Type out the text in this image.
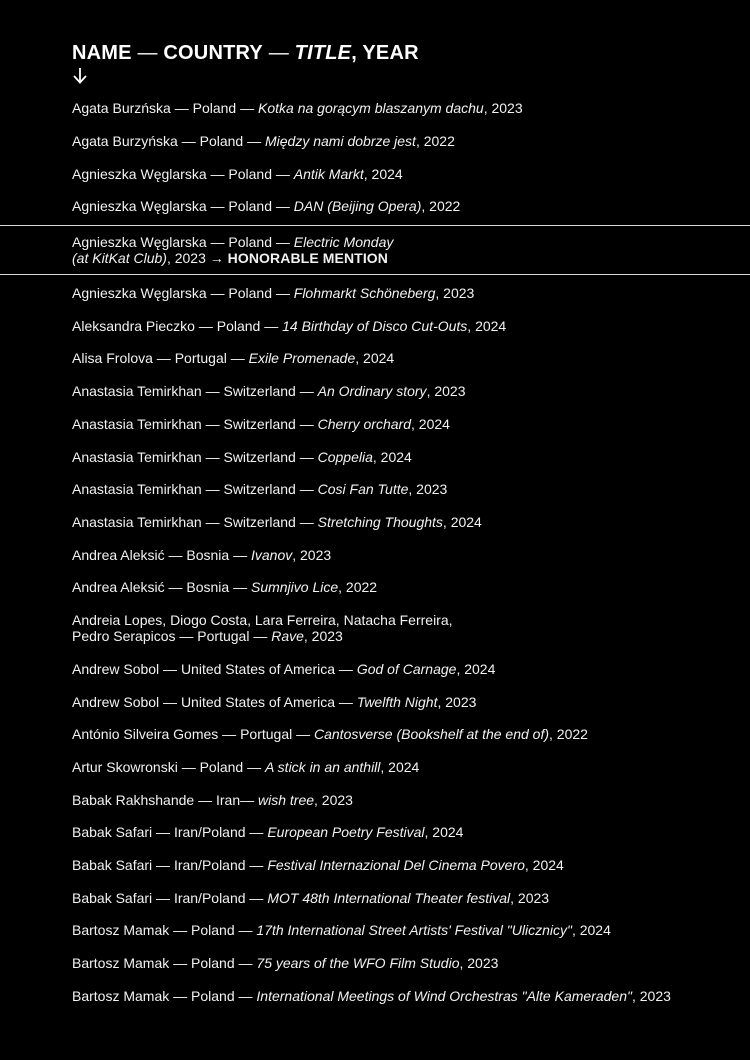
NAME — COUNTRY — TITLE, YEAR
Agata Burzńska — Poland — Kotka na gorącym blaszanym dachu, 2023
Agata Burzyńska — Poland — Między nami dobrze jest, 2022
Agnieszka Węglarska — Poland — Antik Markt, 2024
Agnieszka Węglarska — Poland — DAN (Beijing Opera), 2022
Agnieszka Węglarska — Poland — Electric Monday
(at KitKat Club), 2023 → HONORABLE MENTION
Agnieszka Węglarska — Poland — Flohmarkt Schöneberg, 2023
Aleksandra Pieczko — Poland — 14 Birthday of Disco Cut-Outs, 2024
Alisa Frolova — Portugal — Exile Promenade, 2024
Anastasia Temirkhan — Switzerland — An Ordinary story, 2023
Anastasia Temirkhan — Switzerland — Cherry orchard, 2024
Anastasia Temirkhan — Switzerland — Coppelia, 2024
Anastasia Temirkhan — Switzerland — Cosi Fan Tutte, 2023
Anastasia Temirkhan — Switzerland — Stretching Thoughts, 2024
Andrea Aleksić — Bosnia — Ivanov, 2023
Andrea Aleksić — Bosnia — Sumnjivo Lice, 2022
Andreia Lopes, Diogo Costa, Lara Ferreira, Natacha Ferreira,
Pedro Serapicos — Portugal — Rave, 2023
Andrew Sobol — United States of America — God of Carnage, 2024
Andrew Sobol — United States of America — Twelfth Night, 2023
António Silveira Gomes — Portugal — Cantosverse (Bookshelf at the end of), 2022
Artur Skowronski — Poland — A stick in an anthill, 2024
Babak Rakhshande — Iran— wish tree, 2023
Babak Safari — Iran/Poland — European Poetry Festival, 2024
Babak Safari — Iran/Poland — Festival Internazional Del Cinema Povero, 2024
Babak Safari — Iran/Poland — MOT 48th International Theater festival, 2023
Bartosz Mamak — Poland — 17th International Street Artists' Festival "Ulicznicy", 2024
Bartosz Mamak — Poland — 75 years of the WFO Film Studio, 2023
Bartosz Mamak — Poland — International Meetings of Wind Orchestras "Alte Kameraden", 2023
